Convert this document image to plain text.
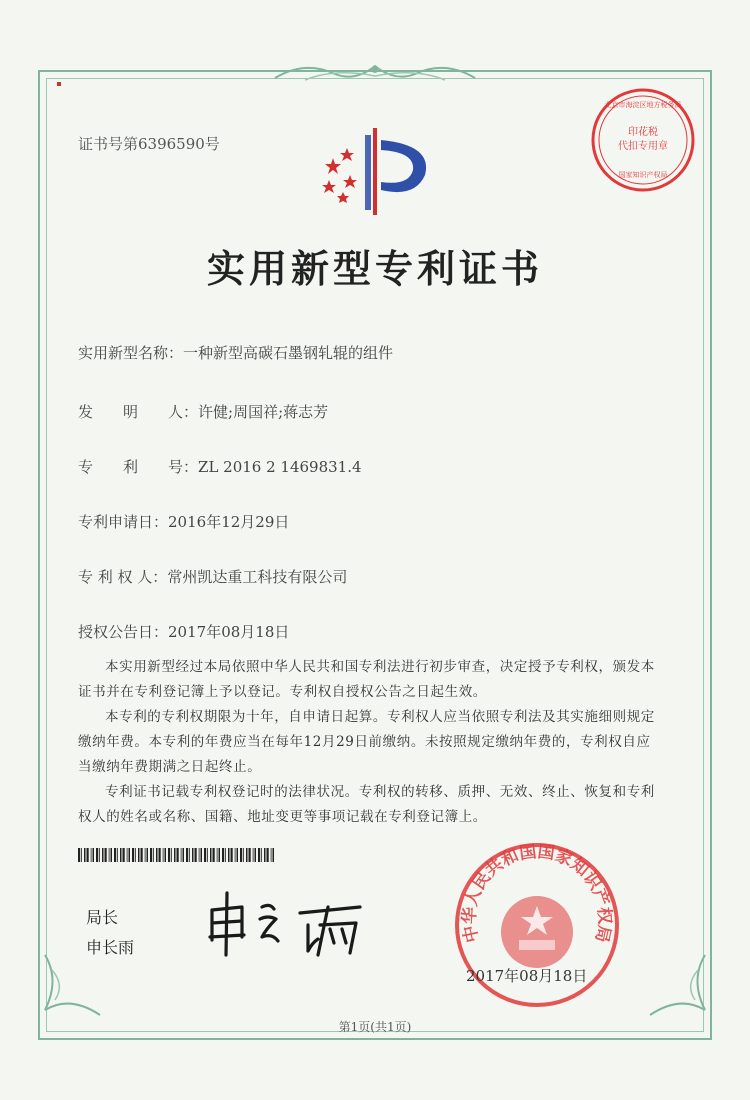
证书号第6396590号
印花税
代扣专用章
北京市海淀区地方税务局
国家知识产权局
实用新型专利证书
实用新型名称：一种新型高碳石墨钢轧辊的组件
发　　明　　人：许健;周国祥;蒋志芳
专　　利　　号：ZL 2016 2 1469831.4
专利申请日：2016年12月29日
专 利 权 人：常州凯达重工科技有限公司
授权公告日：2017年08月18日

本实用新型经过本局依照中华人民共和国专利法进行初步审查，决定授予专利权，颁发本证书并在专利登记簿上予以登记。专利权自授权公告之日起生效。

本专利的专利权期限为十年，自申请日起算。专利权人应当依照专利法及其实施细则规定缴纳年费。本专利的年费应当在每年12月29日前缴纳。未按照规定缴纳年费的，专利权自应当缴纳年费期满之日起终止。

专利证书记载专利权登记时的法律状况。专利权的转移、质押、无效、终止、恢复和专利权人的姓名或名称、国籍、地址变更等事项记载在专利登记簿上。

局长
申长雨
中华人民共和国国家知识产权局
2017年08月18日
第1页(共1页)
